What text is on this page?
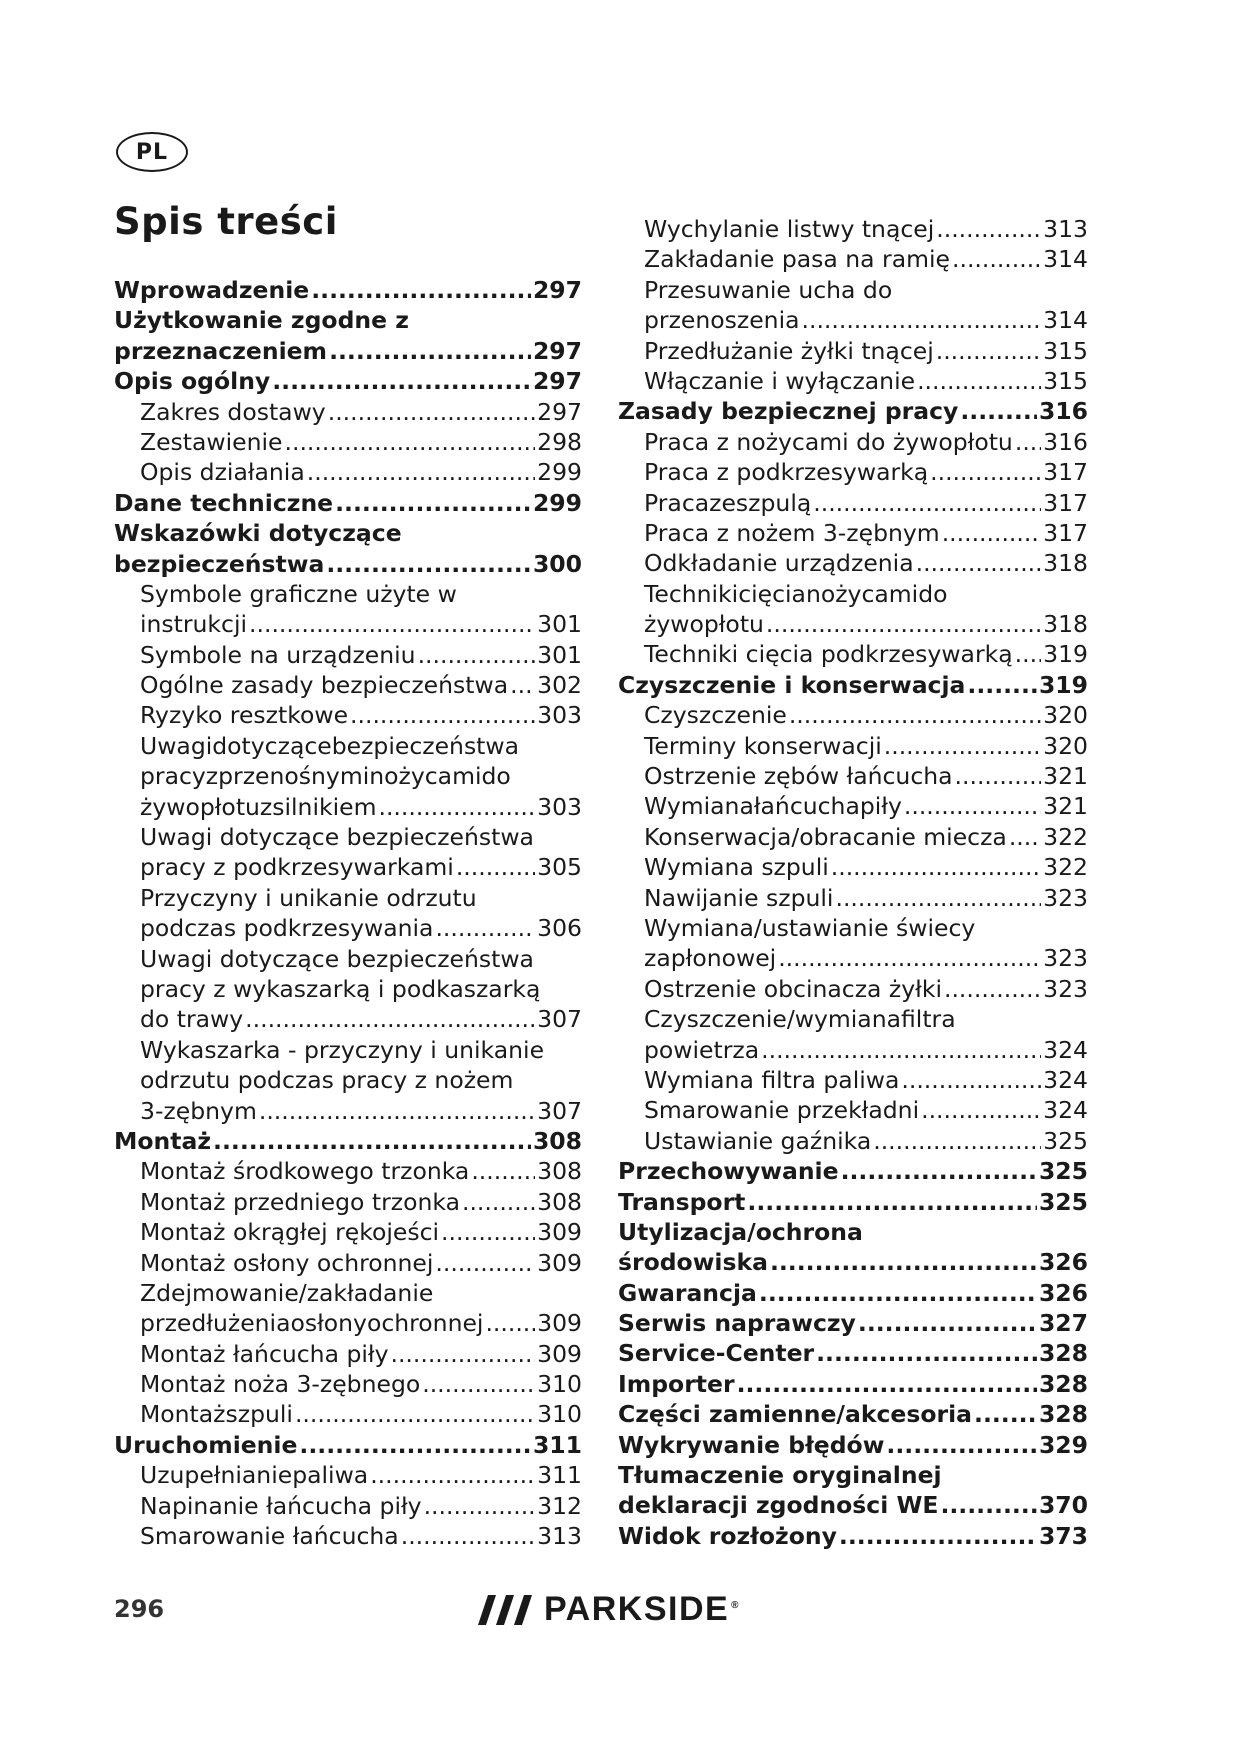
PL
Spis treści
Wprowadzenie .....	297
Użytkowanie zgodne z
przeznaczeniem .....	297
Opis ogólny .....	297
Zakres dostawy .....	297
Zestawienie .....	298
Opis działania .....	299
Dane techniczne .....	299
Wskazówki dotyczące
bezpieczeństwa .....	300
Symbole graficzne użyte w
instrukcji .....	301
Symbole na urządzeniu .....	301
Ogólne zasady bezpieczeństwa ..... 302
Ryzyko resztkowe .....	303
Uwagidotyczącebezpieczeństwa
pracyzprzenośnyminożycamido
żywopłotuzsilnikiem .....	303
Uwagi dotyczące bezpieczeństwa
pracy z podkrzesywarkami .....	305
Przyczyny i unikanie odrzutu
podczas podkrzesywania .....	306
Uwagi dotyczące bezpieczeństwa
pracy z wykaszarką i podkaszarką
do trawy .....	307
Wykaszarka - przyczyny i unikanie
odrzutu podczas pracy z nożem
3-zębnym .....	307
Montaż .....	308
Montaż środkowego trzonka .....	308
Montaż przedniego trzonka .....	308
Montaż okrągłej rękojeści .....	309
Montaż osłony ochronnej .....	309
Zdejmowanie/zakładanie
przedłużeniaosłonyochronnej ..... 309
Montaż łańcucha piły .....	309
Montaż noża 3-zębnego .....	310
Montaższpuli .....	310
Uruchomienie .....	311
Uzupełnianiepaliwa .....	311
Napinanie łańcucha piły .....	312
Smarowanie łańcucha .....	313
Wychylanie listwy tnącej .....	313
Zakładanie pasa na ramię .....	314
Przesuwanie ucha do
przenoszenia .....	314
Przedłużanie żyłki tnącej .....	315
Włączanie i wyłączanie .....	315
Zasady bezpiecznej pracy .....	316
Praca z nożycami do żywopłotu ..... 316
Praca z podkrzesywarką .....	317
Pracazeszpulą .....	317
Praca z nożem 3-zębnym .....	317
Odkładanie urządzenia .....	318
Technikicięcianożycamido
żywopłotu .....	318
Techniki cięcia podkrzesywarką ..... 319
Czyszczenie i konserwacja .....	319
Czyszczenie .....	320
Terminy konserwacji .....	320
Ostrzenie zębów łańcucha .....	321
Wymianałańcuchapiły .....	321
Konserwacja/obracanie miecza ..... 322
Wymiana szpuli .....	322
Nawijanie szpuli .....	323
Wymiana/ustawianie świecy
zapłonowej .....	323
Ostrzenie obcinacza żyłki .....	323
Czyszczenie/wymianafiltra
powietrza .....	324
Wymiana filtra paliwa .....	324
Smarowanie przekładni .....	324
Ustawianie gaźnika .....	325
Przechowywanie .....	325
Transport .....	325
Utylizacja/ochrona
środowiska .....	326
Gwarancja .....	326
Serwis naprawczy .....	327
Service-Center .....	328
Importer .....	328
Części zamienne/akcesoria .....	328
Wykrywanie błędów .....	329
Tłumaczenie oryginalnej
deklaracji zgodności WE .....	370
Widok rozłożony .....	373
296	PARKSIDE ®
